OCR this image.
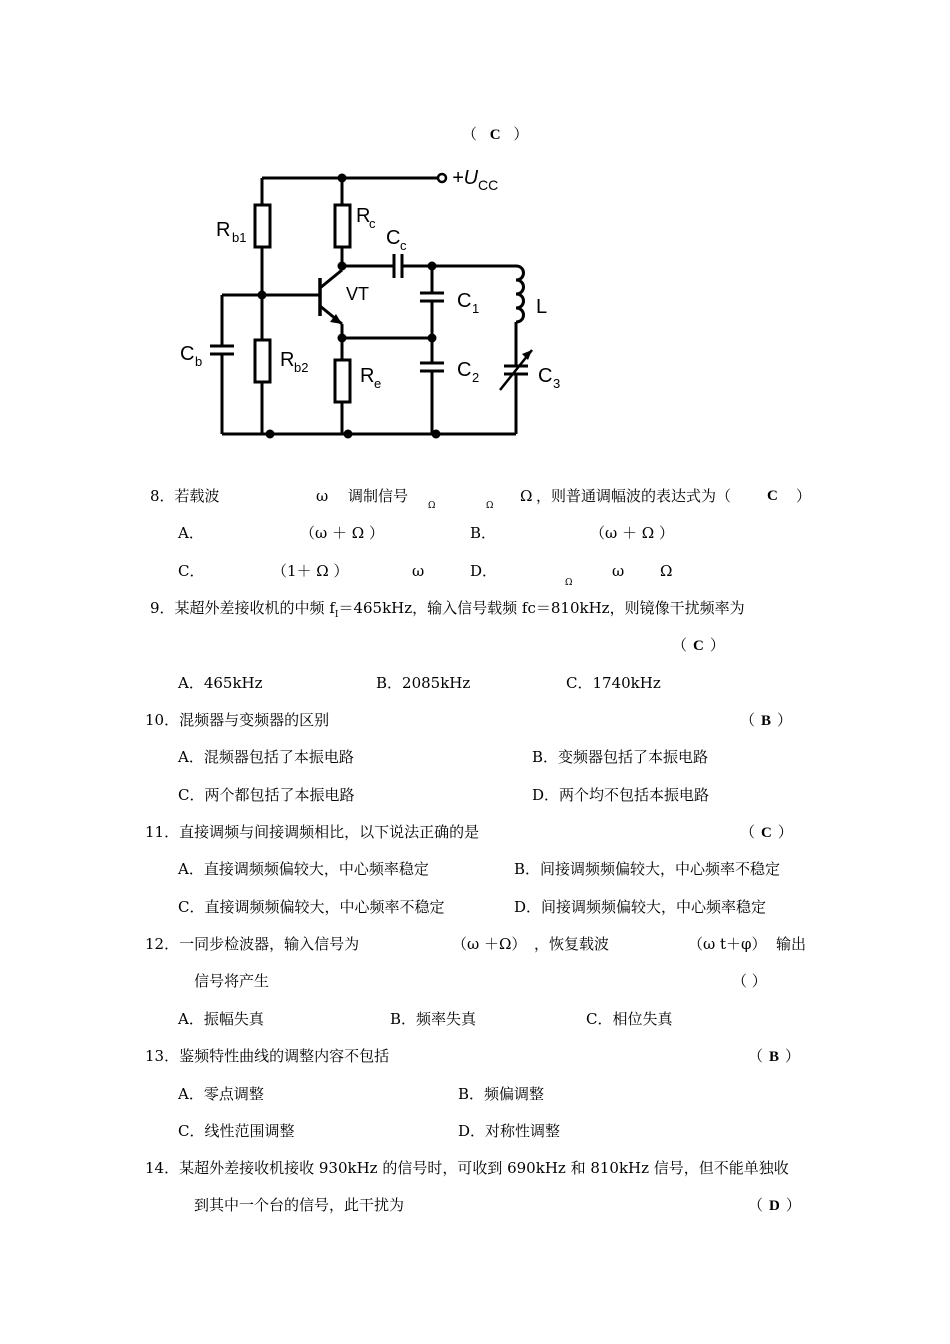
（ C ）
+U CC
R b1
R
c
C c
VT
R e
C 1
C 2
L
C 3
C b	R b2
8．若载波	ω 调制信号
Ω	Ω
Ω ，则普通调幅波的表达式为（ C ）
A．	（ω ＋ Ω ）	B．	（ω ＋ Ω ）
C．	（1＋ Ω ）	ω	D．
Ω
ω Ω
9．某超外差接收机的中频 $f_I=465kHz$，输入信号载频 fc＝810kHz，则镜像干扰频率为
（ C ）
A．465kHz	B．2085kHz	C．1740kHz
10．混频器与变频器的区别	（ B ）
A．混频器包括了本振电路	B．变频器包括了本振电路
C．两个都包括了本振电路	D．两个均不包括本振电路
11．直接调频与间接调频相比，以下说法正确的是	（ C ）
A．直接调频频偏较大，中心频率稳定	B．间接调频频偏较大，中心频率不稳定
C．直接调频频偏较大，中心频率不稳定	D．间接调频频偏较大，中心频率稳定
12．一同步检波器，输入信号为	（ω ＋Ω） ，恢复载波	（ω t＋φ） 输出
信号将产生	（ ）
A．振幅失真	B．频率失真	C．相位失真
13．鉴频特性曲线的调整内容不包括	（ B ）
A．零点调整	B．频偏调整
C．线性范围调整	D．对称性调整
14．某超外差接收机接收 930kHz 的信号时，可收到 690kHz 和 810kHz 信号，但不能单独收
到其中一个台的信号，此干扰为	（ D ）
